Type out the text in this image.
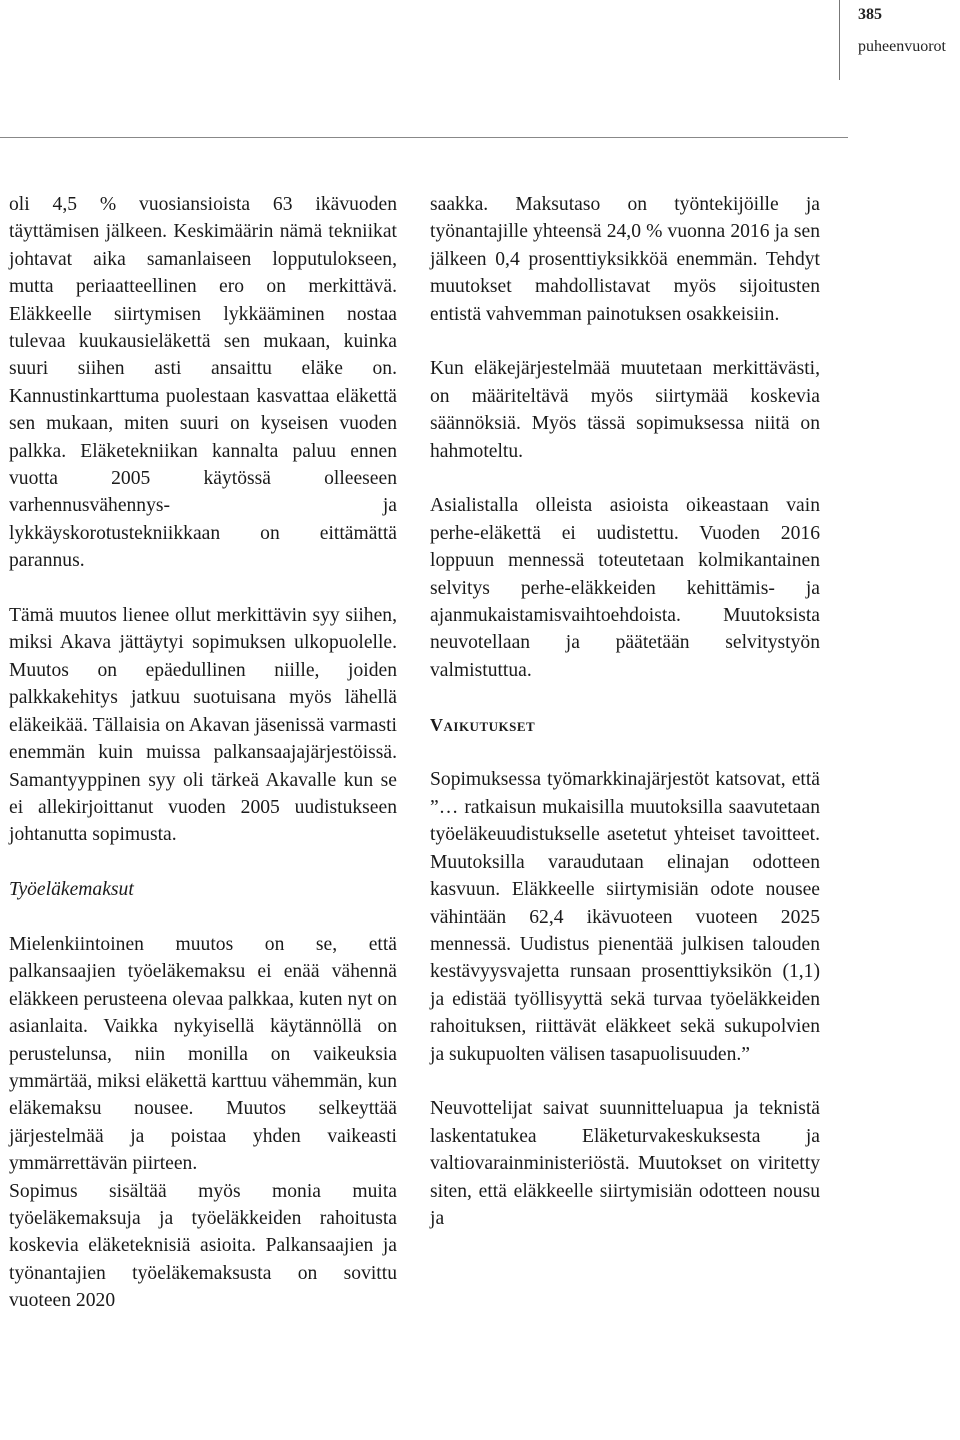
385
puheenvuorot

oli 4,5 % vuosiansioista 63 ikävuoden täyttämisen jälkeen. Keskimäärin nämä tekniikat johtavat aika samanlaiseen lopputulokseen, mutta periaatteellinen ero on merkittävä. Eläkkeelle siirtymisen lykkääminen nostaa tulevaa kuukausieläkettä sen mukaan, kuinka suuri siihen asti ansaittu eläke on. Kannustinkarttuma puolestaan kasvattaa eläkettä sen mukaan, miten suuri on kyseisen vuoden palkka. Eläketekniikan kannalta paluu ennen vuotta 2005 käytössä olleeseen varhennusvähennys- ja lykkäyskorotustekniikkaan on eittämättä parannus.

Tämä muutos lienee ollut merkittävin syy siihen, miksi Akava jättäytyi sopimuksen ulkopuolelle. Muutos on epäedullinen niille, joiden palkkakehitys jatkuu suotuisana myös lähellä eläkeikää. Tällaisia on Akavan jäsenissä varmasti enemmän kuin muissa palkansaajajärjestöissä. Samantyyppinen syy oli tärkeä Akavalle kun se ei allekirjoittanut vuoden 2005 uudistukseen johtanutta sopimusta.

Työeläkemaksut

Mielenkiintoinen muutos on se, että palkansaajien työeläkemaksu ei enää vähennä eläkkeen perusteena olevaa palkkaa, kuten nyt on asianlaita. Vaikka nykyisellä käytännöllä on perustelunsa, niin monilla on vaikeuksia ymmärtää, miksi eläkettä karttuu vähemmän, kun eläkemaksu nousee. Muutos selkeyttää järjestelmää ja poistaa yhden vaikeasti ymmärrettävän piirteen.

Sopimus sisältää myös monia muita työeläkemaksuja ja työeläkkeiden rahoitusta koskevia eläketeknisiä asioita. Palkansaajien ja työnantajien työeläkemaksusta on sovittu vuoteen 2020

saakka. Maksutaso on työntekijöille ja työnantajille yhteensä 24,0 % vuonna 2016 ja sen jälkeen 0,4 prosenttiyksikköä enemmän. Tehdyt muutokset mahdollistavat myös sijoitusten entistä vahvemman painotuksen osakkeisiin.

Kun eläkejärjestelmää muutetaan merkittävästi, on määriteltävä myös siirtymää koskevia säännöksiä. Myös tässä sopimuksessa niitä on hahmoteltu.

Asialistalla olleista asioista oikeastaan vain perhe-eläkettä ei uudistettu. Vuoden 2016 loppuun mennessä toteutetaan kolmikantainen selvitys perhe-eläkkeiden kehittämis- ja ajanmukaistamisvaihtoehdoista. Muutoksista neuvotellaan ja päätetään selvitystyön valmistuttua.

Vaikutukset

Sopimuksessa työmarkkinajärjestöt katsovat, että ”… ratkaisun mukaisilla muutoksilla saavutetaan työeläkeuudistukselle asetetut yhteiset tavoitteet. Muutoksilla varaudutaan elinajan odotteen kasvuun. Eläkkeelle siirtymisiän odote nousee vähintään 62,4 ikävuoteen vuoteen 2025 mennessä. Uudistus pienentää julkisen talouden kestävyysvajetta runsaan prosenttiyksikön (1,1) ja edistää työllisyyttä sekä turvaa työeläkkeiden rahoituksen, riittävät eläkkeet sekä sukupolvien ja sukupuolten välisen tasapuolisuuden.”

Neuvottelijat saivat suunnitteluapua ja teknistä laskentatukea Eläketurvakeskuksesta ja valtiovarainministeriöstä. Muutokset on viritetty siten, että eläkkeelle siirtymisiän odotteen nousu ja
